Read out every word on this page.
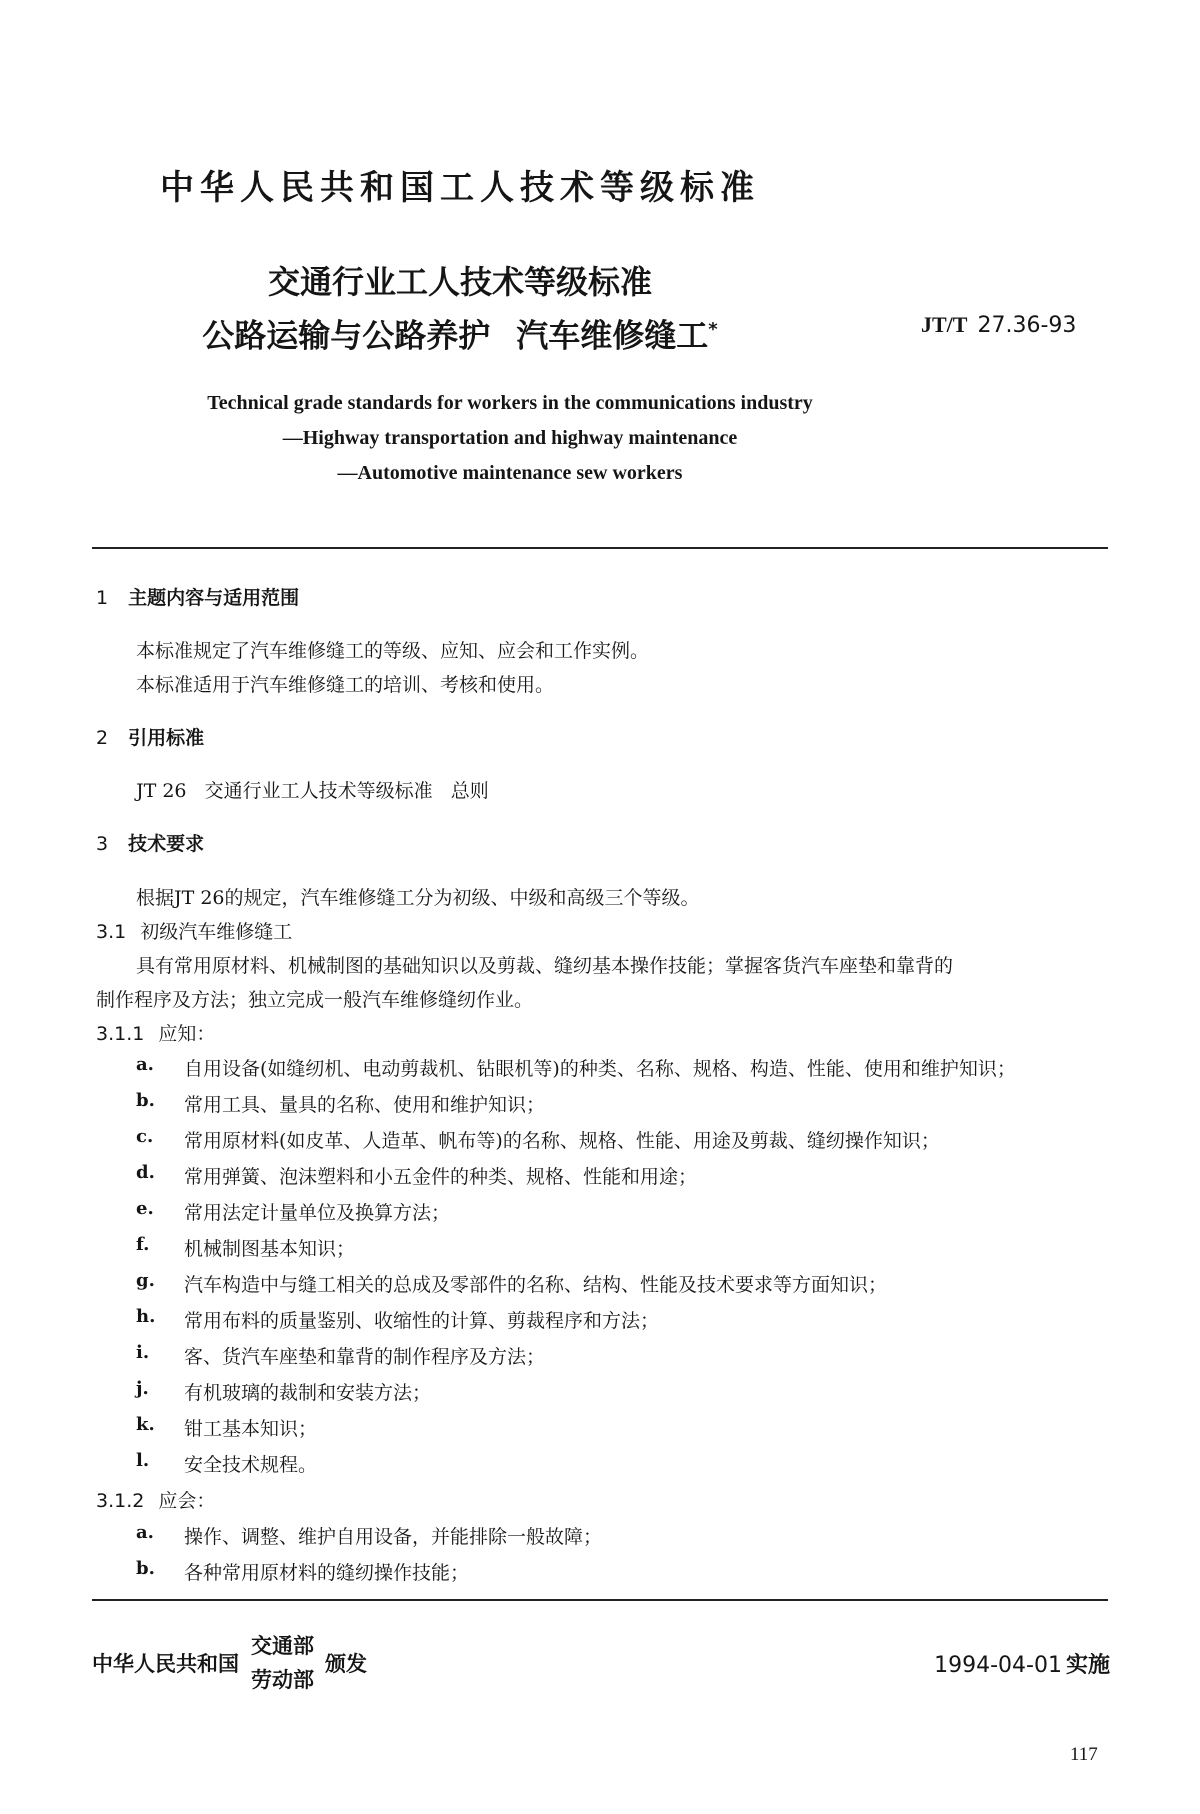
中华人民共和国工人技术等级标准
交通行业工人技术等级标准
公路运输与公路养护 汽车维修缝工*	JT/T 27.36-93
Technical grade standards for workers in the communications industry
—Highway transportation and highway maintenance
—Automotive maintenance sew workers
1 主题内容与适用范围
本标准规定了汽车维修缝工的等级、应知、应会和工作实例。
本标准适用于汽车维修缝工的培训、考核和使用。
2 引用标准
JT 26   交通行业工人技术等级标准   总则
3 技术要求
根据JT 26的规定，汽车维修缝工分为初级、中级和高级三个等级。
3.1 初级汽车维修缝工
具有常用原材料、机械制图的基础知识以及剪裁、缝纫基本操作技能；掌握客货汽车座垫和靠背的
制作程序及方法；独立完成一般汽车维修缝纫作业。
3.1.1 应知：
a. 自用设备(如缝纫机、电动剪裁机、钻眼机等)的种类、名称、规格、构造、性能、使用和维护知识；
b. 常用工具、量具的名称、使用和维护知识；
c. 常用原材料(如皮革、人造革、帆布等)的名称、规格、性能、用途及剪裁、缝纫操作知识；
d. 常用弹簧、泡沫塑料和小五金件的种类、规格、性能和用途；
e. 常用法定计量单位及换算方法；
f. 机械制图基本知识；
g. 汽车构造中与缝工相关的总成及零部件的名称、结构、性能及技术要求等方面知识；
h. 常用布料的质量鉴别、收缩性的计算、剪裁程序和方法；
i. 客、货汽车座垫和靠背的制作程序及方法；
j. 有机玻璃的裁制和安装方法；
k. 钳工基本知识；
l. 安全技术规程。
3.1.2 应会：
a. 操作、调整、维护自用设备，并能排除一般故障；
b. 各种常用原材料的缝纫操作技能；
中华人民共和国
交通部
劳动部
颁发	1994-04-01 实施
117
